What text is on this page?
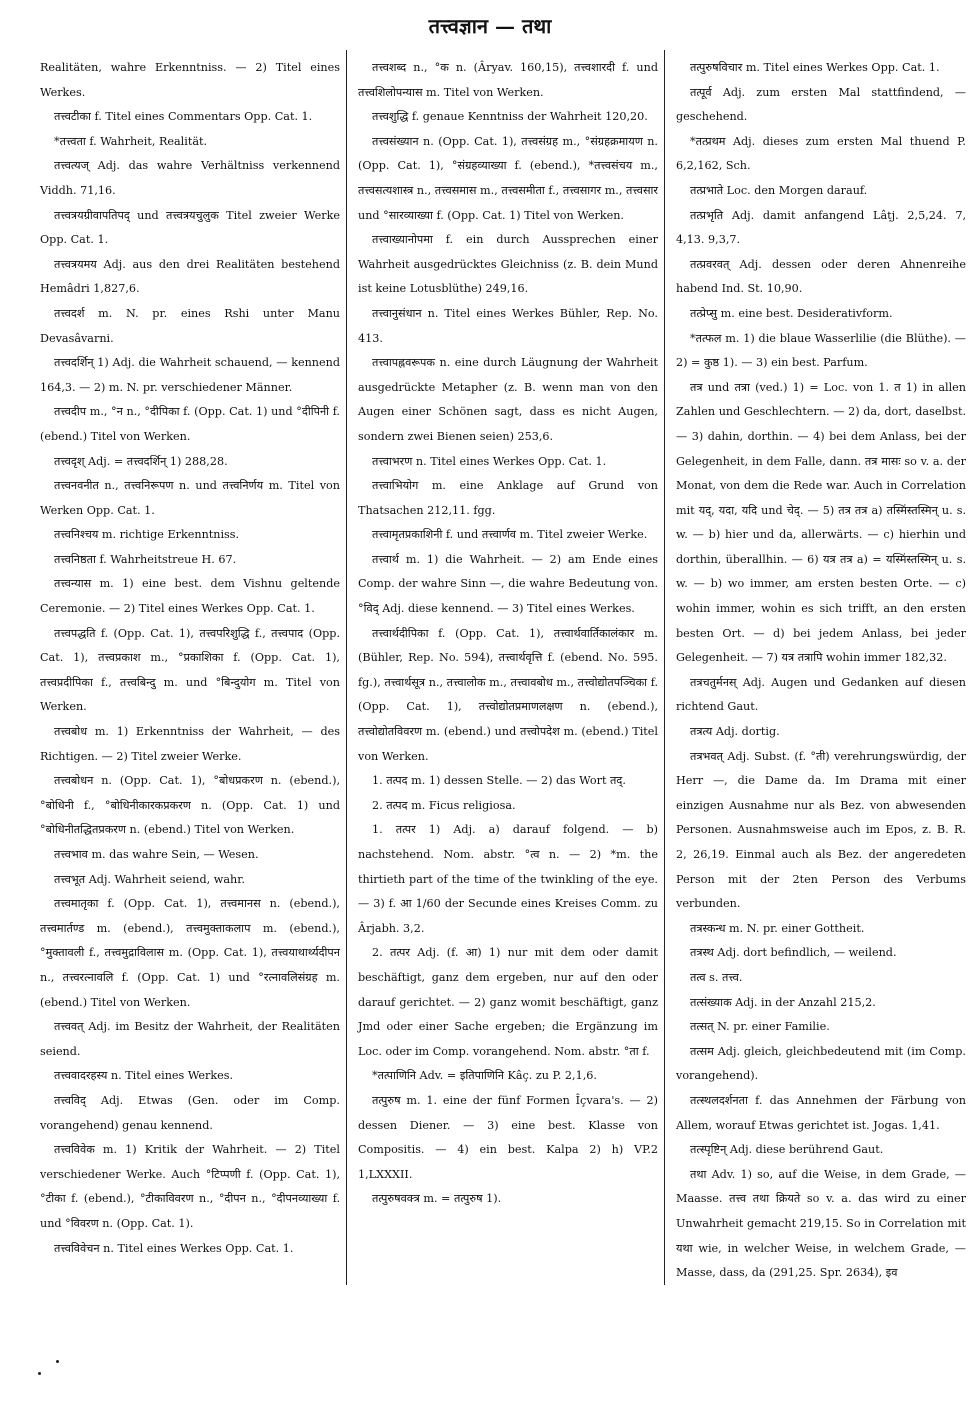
तत्त्वज्ञान — तथा

Realitäten, wahre Erkenntniss. — 2) Titel eines Werkes.

तत्त्वटीका f. Titel eines Commentars Opp. Cat. 1.

*तत्त्वता f. Wahrheit, Realität.

तत्त्वत्यज् Adj. das wahre Verhältniss verkennend Viddh. 71,16.

तत्त्वत्रयग्रीवापतिपद् und तत्त्वत्रयचुलुक Titel zweier Werke Opp. Cat. 1.

तत्त्वत्रयमय Adj. aus den drei Realitäten bestehend Hemâdri 1,827,6.

तत्त्वदर्श m. N. pr. eines Rshi unter Manu Devasâvarni.

तत्त्वदर्शिन् 1) Adj. die Wahrheit schauend, — kennend 164,3. — 2) m. N. pr. verschiedener Männer.

तत्त्वदीप m., °न n., °दीपिका f. (Opp. Cat. 1) und °दीपिनी f. (ebend.) Titel von Werken.

तत्त्वदृश् Adj. = तत्त्वदर्शिन् 1) 288,28.

तत्त्वनवनीत n., तत्त्वनिरूपण n. und तत्त्वनिर्णय m. Titel von Werken Opp. Cat. 1.

तत्त्वनिश्चय m. richtige Erkenntniss.

तत्त्वनिष्ठता f. Wahrheitstreue H. 67.

तत्त्वन्यास m. 1) eine best. dem Vishnu geltende Ceremonie. — 2) Titel eines Werkes Opp. Cat. 1.

तत्त्वपद्धति f. (Opp. Cat. 1), तत्त्वपरिशुद्धि f., तत्त्वपाद (Opp. Cat. 1), तत्त्वप्रकाश m., °प्रकाशिका f. (Opp. Cat. 1), तत्त्वप्रदीपिका f., तत्त्वबिन्दु m. und °बिन्दुयोग m. Titel von Werken.

तत्त्वबोध m. 1) Erkenntniss der Wahrheit, — des Richtigen. — 2) Titel zweier Werke.

तत्त्वबोधन n. (Opp. Cat. 1), °बोधप्रकरण n. (ebend.), °बोधिनी f., °बोधिनीकारकप्रकरण n. (Opp. Cat. 1) und °बोधिनीतद्धितप्रकरण n. (ebend.) Titel von Werken.

तत्त्वभाव m. das wahre Sein, — Wesen.

तत्त्वभूत Adj. Wahrheit seiend, wahr.

तत्त्वमातृका f. (Opp. Cat. 1), तत्त्वमानस n. (ebend.), तत्त्वमार्तण्ड m. (ebend.), तत्त्वमुक्ताकलाप m. (ebend.), °मुक्तावली f., तत्त्वमुद्राविलास m. (Opp. Cat. 1), तत्त्वयाथार्थ्यदीपन n., तत्त्वरत्नावलि f. (Opp. Cat. 1) und °रत्नावलिसंग्रह m. (ebend.) Titel von Werken.

तत्त्ववत् Adj. im Besitz der Wahrheit, der Realitäten seiend.

तत्त्ववादरहस्य n. Titel eines Werkes.

तत्त्वविद् Adj. Etwas (Gen. oder im Comp. vorangehend) genau kennend.

तत्त्वविवेक m. 1) Kritik der Wahrheit. — 2) Titel verschiedener Werke. Auch °टिप्पणी f. (Opp. Cat. 1), °टीका f. (ebend.), °टीकाविवरण n., °दीपन n., °दीपनव्याख्या f. und °विवरण n. (Opp. Cat. 1).

तत्त्वविवेचन n. Titel eines Werkes Opp. Cat. 1.

तत्त्वशब्द n., °क n. (Âryav. 160,15), तत्त्वशारदी f. und तत्त्वशिलोपन्यास m. Titel von Werken.

तत्त्वशुद्धि f. genaue Kenntniss der Wahrheit 120,20.

तत्त्वसंख्यान n. (Opp. Cat. 1), तत्त्वसंग्रह m., °संग्रहक्रमायण n. (Opp. Cat. 1), °संग्रहव्याख्या f. (ebend.), *तत्त्वसंचय m., तत्त्वसत्यशास्त्र n., तत्त्वसमास m., तत्त्वसमीता f., तत्त्वसागर m., तत्त्वसार und °सारव्याख्या f. (Opp. Cat. 1) Titel von Werken.

तत्त्वाख्यानोपमा f. ein durch Aussprechen einer Wahrheit ausgedrücktes Gleichniss (z. B. dein Mund ist keine Lotusblüthe) 249,16.

तत्त्वानुसंधान n. Titel eines Werkes Bühler, Rep. No. 413.

तत्त्वापह्नवरूपक n. eine durch Läugnung der Wahrheit ausgedrückte Metapher (z. B. wenn man von den Augen einer Schönen sagt, dass es nicht Augen, sondern zwei Bienen seien) 253,6.

तत्त्वाभरण n. Titel eines Werkes Opp. Cat. 1.

तत्त्वाभियोग m. eine Anklage auf Grund von Thatsachen 212,11. fgg.

तत्त्वामृतप्रकाशिनी f. und तत्त्वार्णव m. Titel zweier Werke.

तत्त्वार्थ m. 1) die Wahrheit. — 2) am Ende eines Comp. der wahre Sinn —, die wahre Bedeutung von. °विद् Adj. diese kennend. — 3) Titel eines Werkes.

तत्त्वार्थदीपिका f. (Opp. Cat. 1), तत्त्वार्थवार्तिकालंकार m. (Bühler, Rep. No. 594), तत्त्वार्थवृत्ति f. (ebend. No. 595. fg.), तत्त्वार्थसूत्र n., तत्त्वालोक m., तत्त्वावबोध m., तत्त्वोद्योतपञ्चिका f. (Opp. Cat. 1), तत्त्वोद्योतप्रमाणलक्षण n. (ebend.), तत्त्वोद्योतविवरण m. (ebend.) und तत्त्वोपदेश m. (ebend.) Titel von Werken.

1. तत्पद m. 1) dessen Stelle. — 2) das Wort तद्.

2. तत्पद m. Ficus religiosa.

1. तत्पर 1) Adj. a) darauf folgend. — b) nachstehend. Nom. abstr. °त्व n. — 2) *m. the thirtieth part of the time of the twinkling of the eye. — 3) f. आ 1/60 der Secunde eines Kreises Comm. zu Ârjabh. 3,2.

2. तत्पर Adj. (f. आ) 1) nur mit dem oder damit beschäftigt, ganz dem ergeben, nur auf den oder darauf gerichtet. — 2) ganz womit beschäftigt, ganz Jmd oder einer Sache ergeben; die Ergänzung im Loc. oder im Comp. vorangehend. Nom. abstr. °ता f.

*तत्पाणिनि Adv. = इतिपाणिनि Kâç. zu P. 2,1,6.

तत्पुरुष m. 1. eine der fünf Formen Îçvara's. — 2) dessen Diener. — 3) eine best. Klasse von Compositis. — 4) ein best. Kalpa 2) h) VP.2 1,LXXXII.

तत्पुरुषवक्त्र m. = तत्पुरुष 1).

तत्पुरुषविचार m. Titel eines Werkes Opp. Cat. 1.

तत्पूर्व Adj. zum ersten Mal stattfindend, — geschehend.

*तत्प्रथम Adj. dieses zum ersten Mal thuend P. 6,2,162, Sch.

तत्प्रभाते Loc. den Morgen darauf.

तत्प्रभृति Adj. damit anfangend Lâṭj. 2,5,24. 7, 4,13. 9,3,7.

तत्प्रवरवत् Adj. dessen oder deren Ahnenreihe habend Ind. St. 10,90.

तत्प्रेप्सु m. eine best. Desiderativform.

*तत्फल m. 1) die blaue Wasserlilie (die Blüthe). — 2) = कुष्ठ 1). — 3) ein best. Parfum.

तत्र und तत्रा (ved.) 1) = Loc. von 1. त 1) in allen Zahlen und Geschlechtern. — 2) da, dort, daselbst. — 3) dahin, dorthin. — 4) bei dem Anlass, bei der Gelegenheit, in dem Falle, dann. तत्र मासः so v. a. der Monat, von dem die Rede war. Auch in Correlation mit यद्, यदा, यदि und चेद्. — 5) तत्र तत्र a) तस्मिंस्तस्मिन् u. s. w. — b) hier und da, allerwärts. — c) hierhin und dorthin, überallhin. — 6) यत्र तत्र a) = यस्मिंस्तस्मिन् u. s. w. — b) wo immer, am ersten besten Orte. — c) wohin immer, wohin es sich trifft, an den ersten besten Ort. — d) bei jedem Anlass, bei jeder Gelegenheit. — 7) यत्र तत्रापि wohin immer 182,32.

तत्रचतुर्मनस् Adj. Augen und Gedanken auf diesen richtend Gaut.

तत्रत्य Adj. dortig.

तत्रभवत् Adj. Subst. (f. °ती) verehrungswürdig, der Herr —, die Dame da. Im Drama mit einer einzigen Ausnahme nur als Bez. von abwesenden Personen. Ausnahmsweise auch im Epos, z. B. R. 2, 26,19. Einmal auch als Bez. der angeredeten Person mit der 2ten Person des Verbums verbunden.

तत्रस्कन्ध m. N. pr. einer Gottheit.

तत्रस्थ Adj. dort befindlich, — weilend.

तत्व s. तत्त्व.

तत्संख्याक Adj. in der Anzahl 215,2.

तत्सत् N. pr. einer Familie.

तत्सम Adj. gleich, gleichbedeutend mit (im Comp. vorangehend).

तत्स्थलदर्शनता f. das Annehmen der Färbung von Allem, worauf Etwas gerichtet ist. Jogas. 1,41.

तत्स्पृष्टिन् Adj. diese berührend Gaut.

तथा Adv. 1) so, auf die Weise, in dem Grade, — Maasse. तत्त्व तथा क्रियते so v. a. das wird zu einer Unwahrheit gemacht 219,15. So in Correlation mit यथा wie, in welcher Weise, in welchem Grade, — Masse, dass, da (291,25. Spr. 2634), इव
